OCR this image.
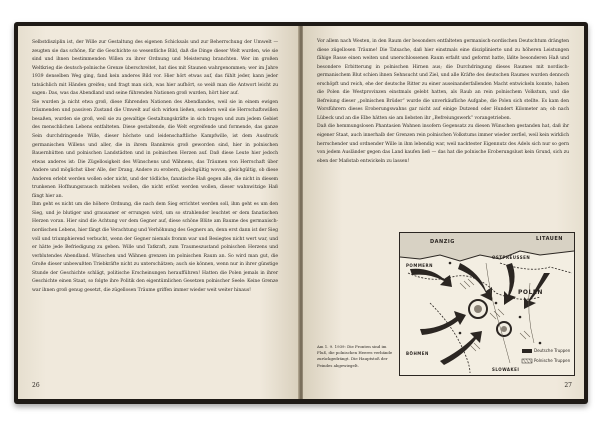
Selbstdisziplin ist, der Wille zur Gestaltung des eigenen Schicksals und zur Beherrschung der Umwelt — zeugten sie das schöne, für die Geschichte so wesentliche Bild, daß die Dinge dieser Welt wurden, wie sie sind und ihnen bestimmenden Willen zu ihrer Ordnung und Meisterung branchten. Wer im großen Weltkrieg die deutsch-polnische Grenze überschreitet, hat dies mit Staunen wahrgenommen; wer im Jahre 1939 denselben Weg ging, fand kein anderes Bild vor. Hier hört etwas auf, das fühlt jeder, kann jeder tatsächlich mit Händen greifen; und fragt man sich, was hier aufhört, so weiß man die Antwort leicht zu sagen: Das, was das Abendland und seine führenden Nationen groß wurden, hört hier auf.

Sie wurden ja nicht etwa groß, diese führenden Nationen des Abendlandes, weil sie in einem ewigen träumenden und passiven Zustand die Umwelt auf sich wirken ließen, sondern weil sie Herrschaftswillen besaßen, wurden sie groß, weil sie zu gewaltige Gestaltungskräfte in sich trugen und zum jedem Gebiet des menschlichen Lebens entfalteten. Diese gestaltende, die Welt ergreifende und formende, das ganze Sein durchdringende Wille, dieser höchste und leidenschaftliche Kampfwille, ist dem Ausdruck germanischen Willens und aller, die in ihrem Bannkreis groß geworden sind, hier in polnischen Bauernhütten und polnischen Landstädten und in polnischen Herzen auf. Daß diese Leute hier jedoch etwas anderes ist: Die Zügellosigkeit des Wünschens und Wähnens, das Träumen von Herrschaft über Andere und möglichst über Alle, der Drang, Andere zu erobern, gleichgültig wovon, gleichgültig, ob diese Anderen erlebt werden wollen oder nicht, und der tödliche, fanatische Haß gegen alle, die nicht in diesem trunkenen Hoffnungsrausch mitleben wollen, die nicht erlöst werden wollen, dieser wahnwitzige Haß fängt hier an.

Ihm geht es nicht um die höhere Ordnung, die nach dem Sieg errichtet werden soll, ihm geht es um den Sieg, und je blutiger und grausamer er errungen wird, um so strahlender leuchtet er dem fanatischen Herzen voran. Hier sind die Achtung vor dem Gegner auf, diese schöne Blüte am Baume des germanisch-nordischen Lebens, hier fängt die Verachtung und Verhöhnung des Gegners an, denn erst dann ist der Sieg voll und triumphierend verbucht, wenn der Gegner niemals fromm war und Besiegtes nicht wert war, und er hätte jede Befriedigung zu geben. Wille und Tatkraft, zum Traumeszustand polnischen Herzens und verblutendes Abendland. Wünschen und Wähnen grenzen im polnischen Raum an. So wird man gut, die Große dieser unbewußten Triebkräfte nicht zu unterschätzen; auch sie können, wenn nur in ihrer günstige Stunde der Geschichte schlägt, politische Erscheinungen heraufführen! Hatten die Polen jemals in ihrer Geschichte einen Staat, so folgte ihre Politik den eigentümlichen Gesetzen polnischer Seele: Keine Grenze war ihnen groß genug gesetzt, die zügellosen Träume griffen immer wieder weit weiter hinaus!

26

Vor allem nach Westen, in den Raum der besonders entfalteten germanisch-nordischen Deutschtum drängten diese zügellosen Träume! Die Tatsache, daß hier einstmals eine disziplinierte und zu höheren Leistungen fähige Rasse einen weiten und unerschlossenen Raum erfaßt und geformt hatte, läßte besonderen Haß und besondere Erbitterung in polnischen Hirnen aus; die Durchdringung dieses Raumes mit nordisch-germanischem Blut schien ihnen Sehnsucht und Ziel, und alle Kräfte des deutschen Raumes wurden dennoch erschöpft und reich, ehe der deutsche Ritter zu einer auseinanderfallenden Macht entwickeln konnte, haben die Polen die Westprovinzen einstmals gelebt hatten, als Raub an rein polnischem Volkstum, und die Befreiung dieser „polnischen Brüder“ wurde die unverkäufliche Aufgabe, die Polen sich stellte. Es kam den Worsführern dieses Eroberungswahns gar nicht auf einige Dutzend oder Hundert Kilometer an; ob nach Lübeck und an die Elbe hätten sie am liebsten ihr „Befreiungswerk“ vorangetrieben.

Daß die hemmungslosen Phantasien Wahnen insofern Gegensatz zu diesen Wünschen gestanden hat, daß ihr eigener Staat, auch innerhalb der Grenzen rein polnischen Volkstums immer wieder zerfiel, weil kein wirklich herrschender und ordnender Wille in ihm lebendig war, weil nacktester Eigennutz des Adels sich nur so gern von jedem Ausländer gegen das Land kaufen ließ — das hat die polnische Eroberungslust kein Grund, sich zu eben der Maßstab entwickeln zu lassen!

Am 1. 9. 1939: Die Fronten sind im Fluß, die polnischen Heeres verbände zurückgedrängt. Die Hauptstoß der Feindes abgewiegelt.
DANZIG	LITAUEN
POMMERN
OSTPREUSSEN
POLEN
BÖHMEN
SLOWAKEI
Deutsche Truppen
Polnische Truppen
27
